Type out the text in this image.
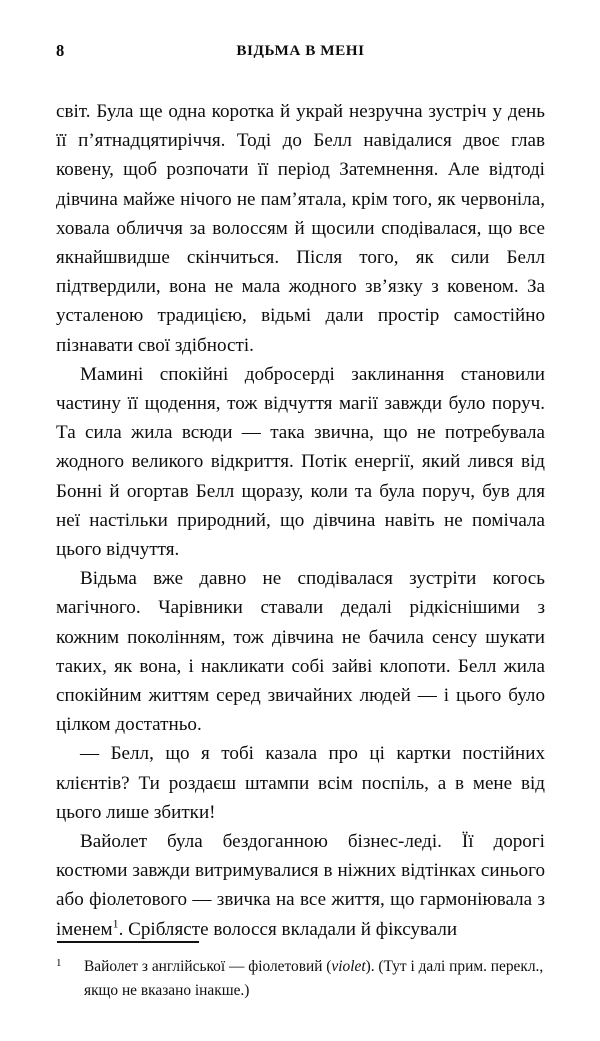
8	ВІДЬМА В МЕНІ

світ. Була ще одна коротка й украй незручна зустріч у день її п’ятнадцятиріччя. Тоді до Белл навідалися двоє глав ковену, щоб розпочати її період Затемнення. Але відтоді дівчина майже нічого не пам’ятала, крім того, як червоніла, ховала обличчя за волоссям й щосили сподівалася, що все якнайшвидше скінчиться. Після того, як сили Белл підтвердили, вона не мала жодного зв’язку з ковеном. За усталеною традицією, відьмі дали простір самостійно пізнавати свої здібності.

Мамині спокійні добросерді заклинання становили частину її щодення, тож відчуття магії завжди було поруч. Та сила жила всюди — така звична, що не потребувала жодного великого відкриття. Потік енергії, який лився від Бонні й огортав Белл щоразу, коли та була поруч, був для неї настільки природний, що дівчина навіть не помічала цього відчуття.

Відьма вже давно не сподівалася зустріти когось магічного. Чарівники ставали дедалі рідкіснішими з кожним поколінням, тож дівчина не бачила сенсу шукати таких, як вона, і накликати собі зайві клопоти. Белл жила спокійним життям серед звичайних людей — і цього було цілком достатньо.

— Белл, що я тобі казала про ці картки постійних клієнтів? Ти роздаєш штампи всім поспіль, а в мене від цього лише збитки!

Вайолет була бездоганною бізнес-леді. Її дорогі костюми завжди витримувалися в ніжних відтінках синього або фіолетового — звичка на все життя, що гармоніювала з іменем$^1$. Сріблясте волосся вкладали й фіксували

1	Вайолет з англійської — фіолетовий (violet). (Тут і далі прим. перекл., якщо не вказано інакше.)
